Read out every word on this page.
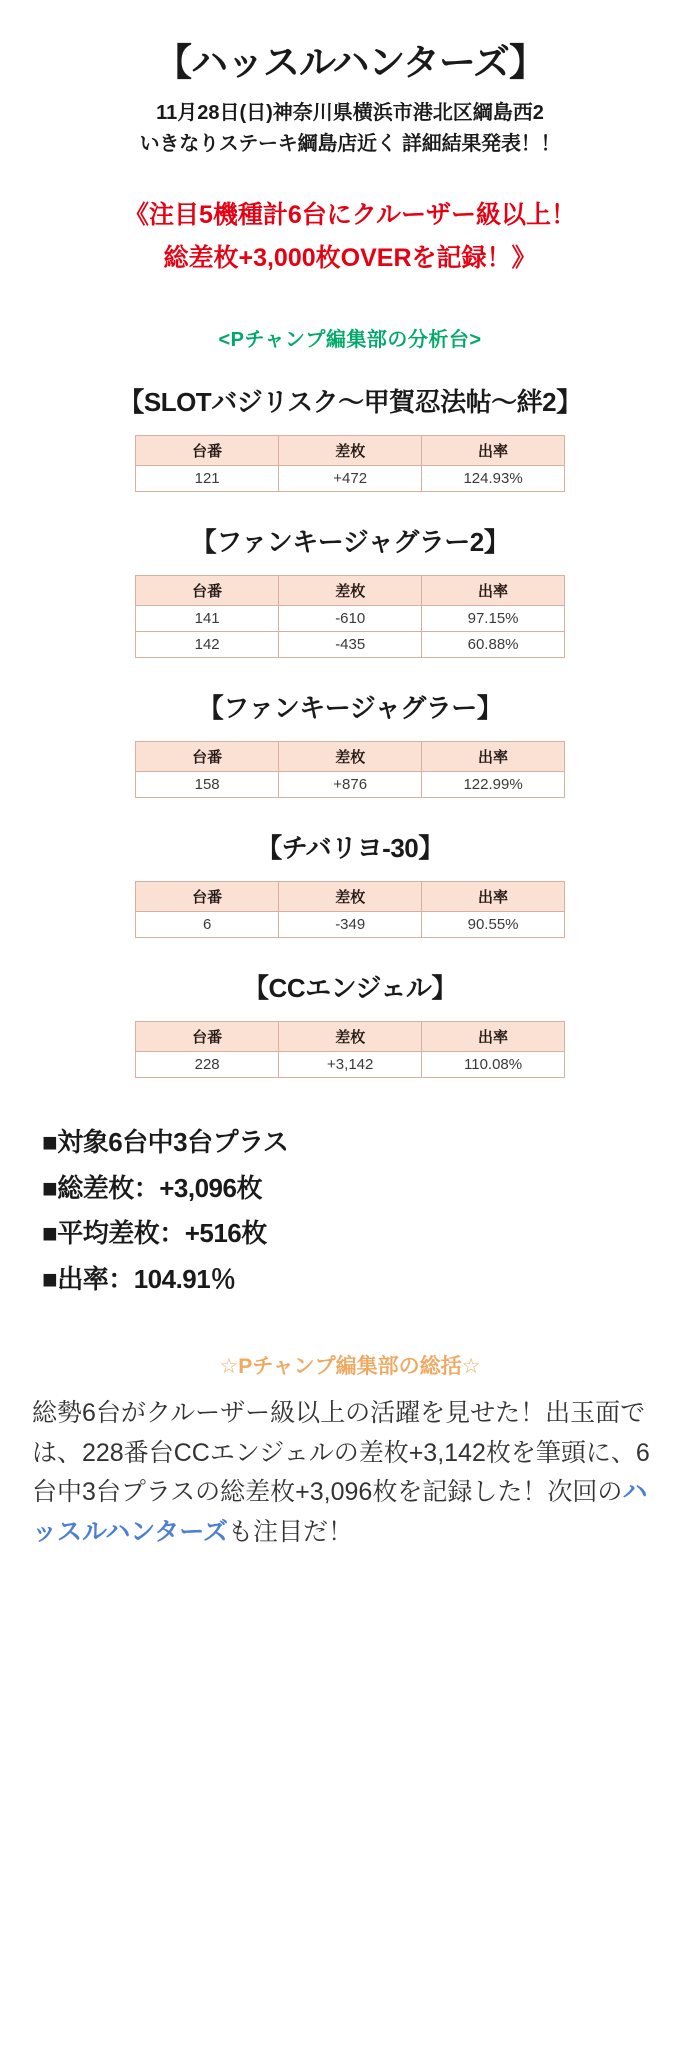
【ハッスルハンターズ】
11月28日(日)神奈川県横浜市港北区綱島西2
いきなりステーキ綱島店近く 詳細結果発表！！
《注目5機種計6台にクルーザー級以上！
総差枚+3,000枚OVERを記録！》
<Pチャンプ編集部の分析台>
【SLOTバジリスク〜甲賀忍法帖〜絆2】
台番	差枚	出率
121	+472	124.93%
【ファンキージャグラー2】
台番	差枚	出率
141	-610	97.15%
142	-435	60.88%
【ファンキージャグラー】
台番	差枚	出率
158	+876	122.99%
【チバリヨ-30】
台番	差枚	出率
6	-349	90.55%
【CCエンジェル】
台番	差枚	出率
228	+3,142	110.08%
■対象6台中3台プラス
■総差枚：+3,096枚
■平均差枚：+516枚
■出率：104.91％
☆Pチャンプ編集部の総括☆
総勢6台がクルーザー級以上の活躍を見せた！出玉面では、228番台CCエンジェルの差枚+3,142枚を筆頭に、6台中3台プラスの総差枚+3,096枚を記録した！次回のハッスルハンターズも注目だ！
